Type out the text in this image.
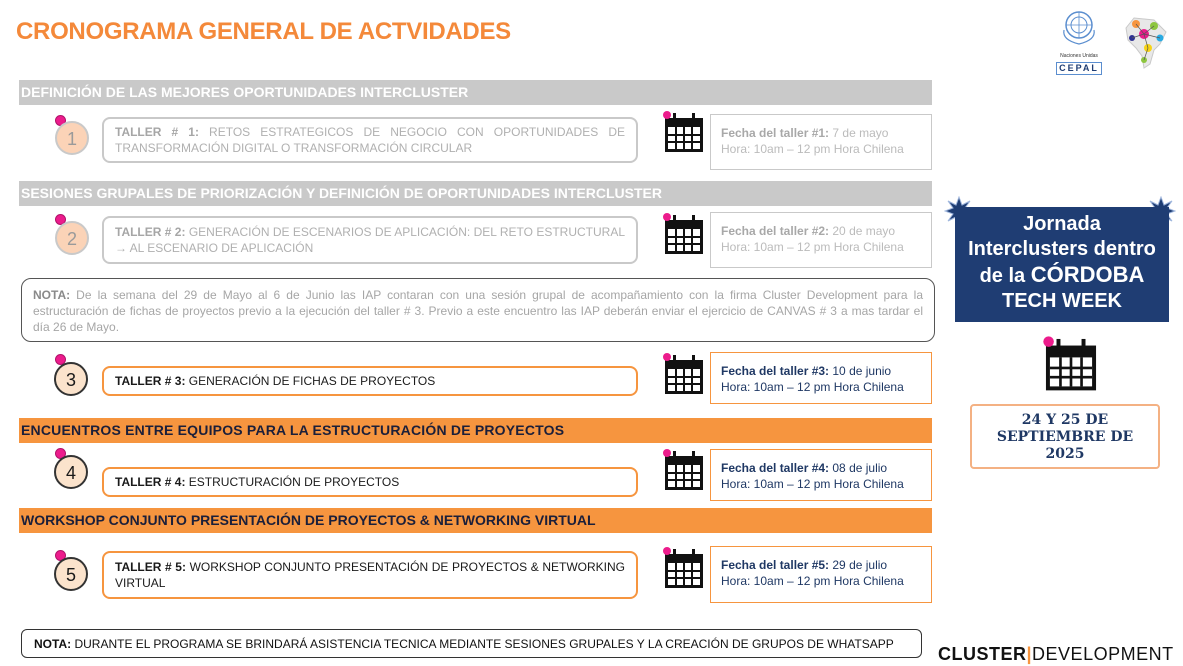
CRONOGRAMA GENERAL DE ACTVIDADES
Naciones Unidas
CEPAL
DEFINICIÓN DE LAS MEJORES OPORTUNIDADES INTERCLUSTER
SESIONES GRUPALES DE PRIORIZACIÓN Y DEFINICIÓN DE OPORTUNIDADES INTERCLUSTER
ENCUENTROS ENTRE EQUIPOS PARA LA ESTRUCTURACIÓN DE PROYECTOS
WORKSHOP CONJUNTO PRESENTACIÓN DE PROYECTOS & NETWORKING VIRTUAL
1	TALLER # 1: RETOS ESTRATEGICOS DE NEGOCIO CON OPORTUNIDADES DE TRANSFORMACIÓN DIGITAL O TRANSFORMACIÓN CIRCULAR
Fecha del taller #1: 7 de mayo
Hora: 10am – 12 pm Hora Chilena
2	TALLER # 2: GENERACIÓN DE ESCENARIOS DE APLICACIÓN: DEL RETO ESTRUCTURAL → AL ESCENARIO DE APLICACIÓN
Fecha del taller #2: 20 de mayo
Hora: 10am – 12 pm Hora Chilena
NOTA: De la semana del 29 de Mayo al 6 de Junio las IAP contaran con una sesión grupal de acompañamiento con la firma Cluster Development para la estructuración de fichas de proyectos previo a la ejecución del taller # 3. Previo a este encuentro las IAP deberán enviar el ejercicio de CANVAS # 3 a mas tardar el día 26 de Mayo.
3	TALLER # 3: GENERACIÓN DE FICHAS DE PROYECTOS
Fecha del taller #3: 10 de junio
Hora: 10am – 12 pm Hora Chilena
4	TALLER # 4: ESTRUCTURACIÓN DE PROYECTOS
Fecha del taller #4: 08 de julio
Hora: 10am – 12 pm Hora Chilena
5	TALLER # 5: WORKSHOP CONJUNTO PRESENTACIÓN DE PROYECTOS & NETWORKING VIRTUAL
Fecha del taller #5: 29 de julio
Hora: 10am – 12 pm Hora Chilena
NOTA: DURANTE EL PROGRAMA SE BRINDARÁ ASISTENCIA TECNICA MEDIANTE SESIONES GRUPALES Y LA CREACIÓN DE GRUPOS DE WHATSAPP
Jornada
Interclusters dentro
de la CÓRDOBA
TECH WEEK
24 Y 25 DE
SEPTIEMBRE DE
2025
CLUSTER|DEVELOPMENT
